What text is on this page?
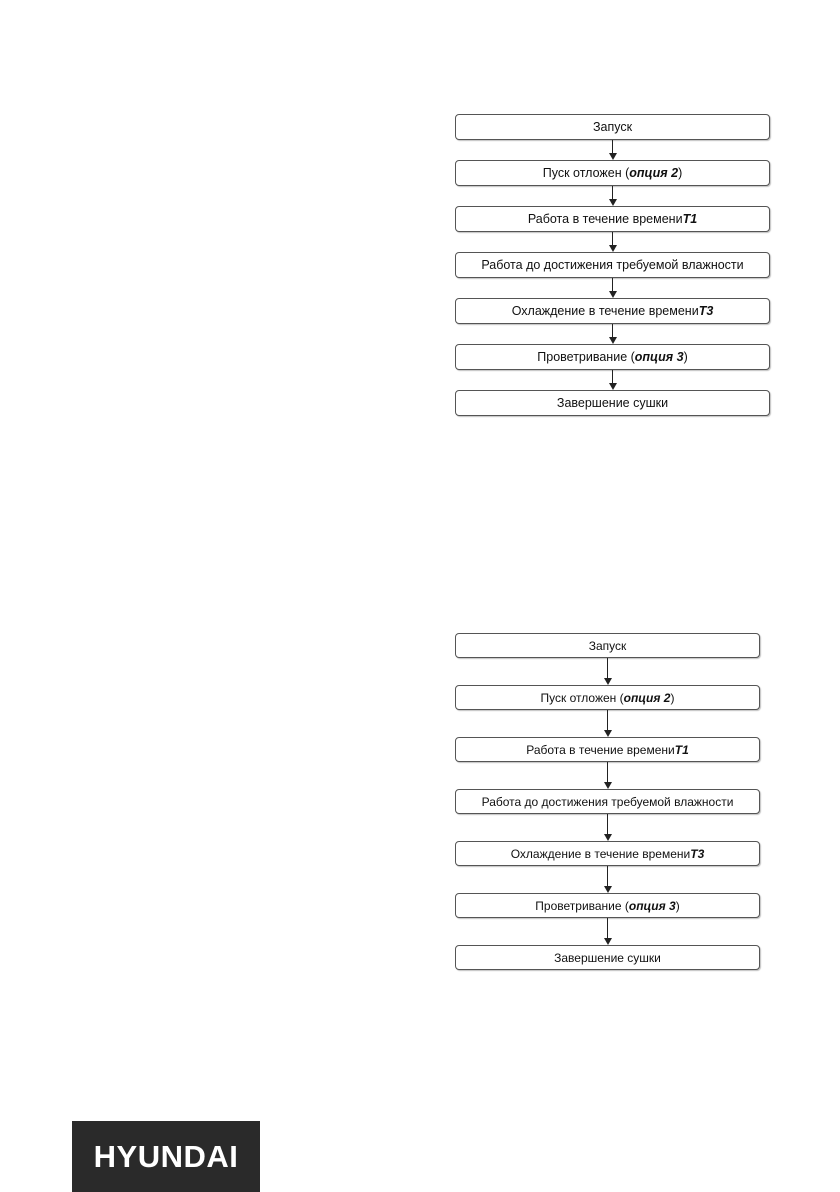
Запуск
Пуск отложен ( опция 2 )
Работа в течение времени T1
Работа до достижения требуемой влажности
Охлаждение в течение времени T3
Проветривание ( опция 3 )
Завершение сушки
Запуск
Пуск отложен ( опция 2 )
Работа в течение времени T1
Работа до достижения требуемой влажности
Охлаждение в течение времени T3
Проветривание ( опция 3 )
Завершение сушки
HYUNDAI
